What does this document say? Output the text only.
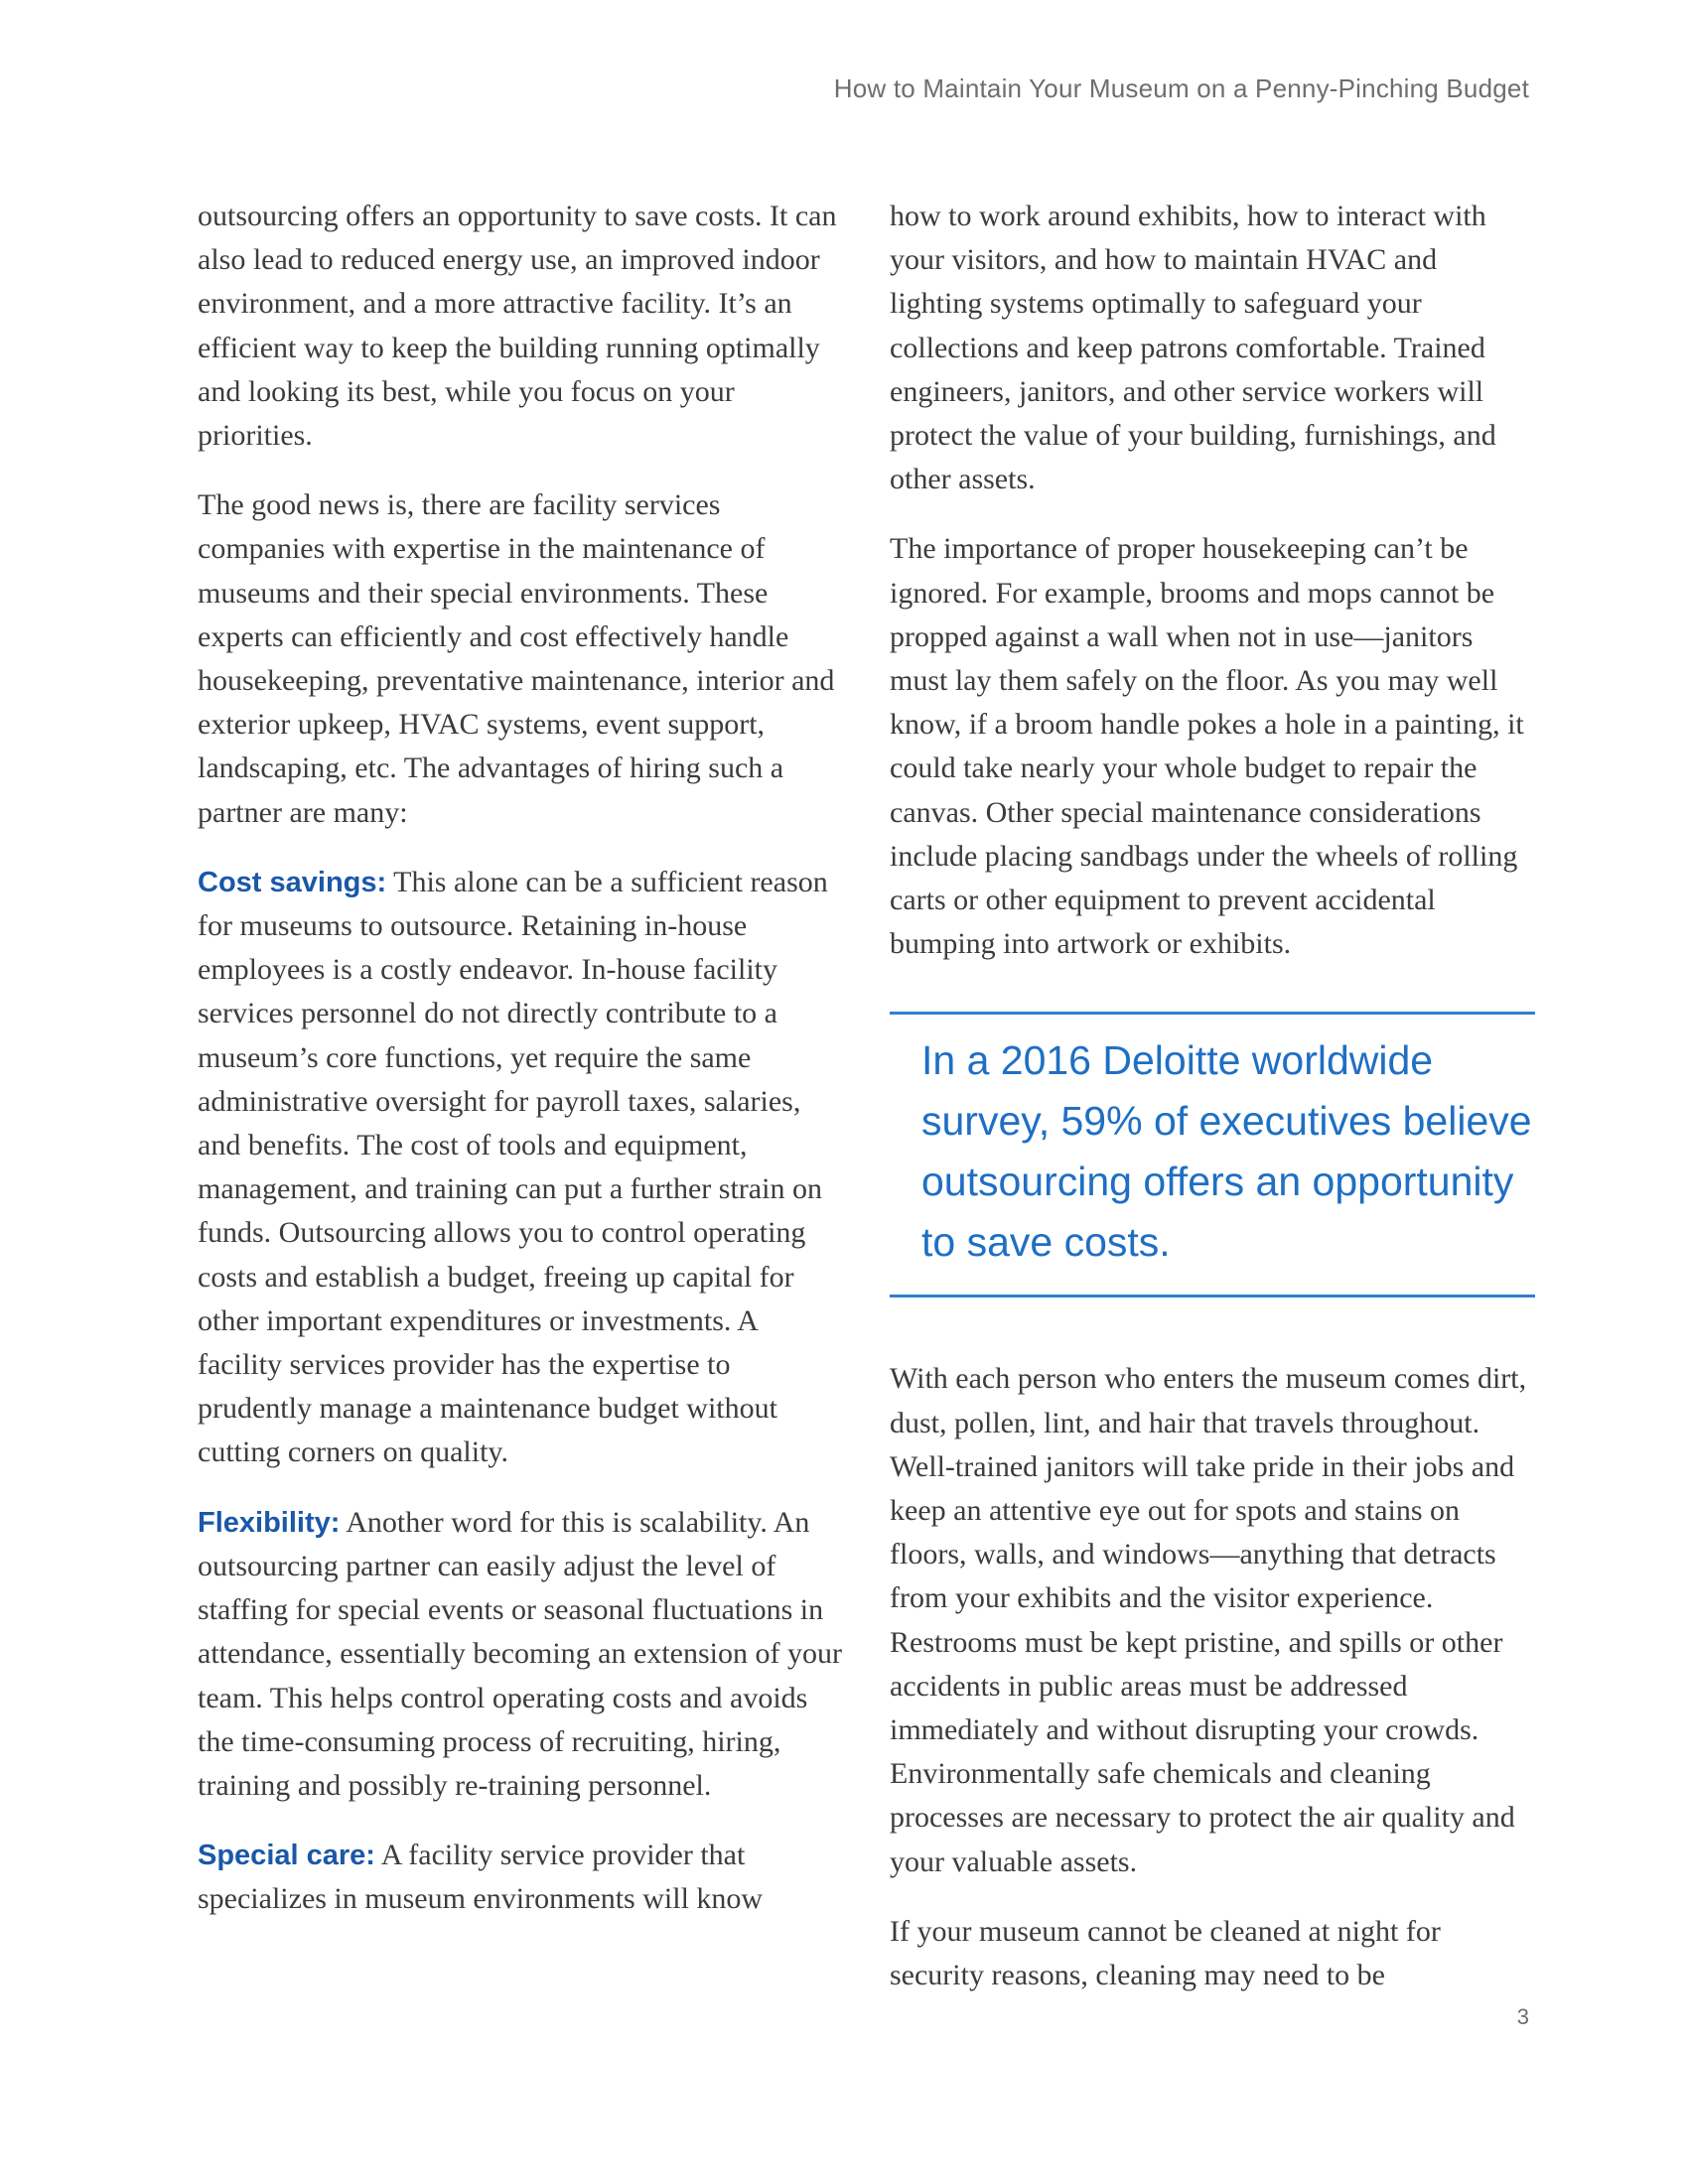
How to Maintain Your Museum on a Penny-Pinching Budget

outsourcing offers an opportunity to save costs. It can also lead to reduced energy use, an improved indoor environment, and a more attractive facility. It’s an efficient way to keep the building running optimally and looking its best, while you focus on your priorities.

The good news is, there are facility services companies with expertise in the maintenance of museums and their special environments. These experts can efficiently and cost effectively handle housekeeping, preventative maintenance, interior and exterior upkeep, HVAC systems, event support, landscaping, etc. The advantages of hiring such a partner are many:

Cost savings: This alone can be a sufficient reason for museums to outsource. Retaining in-house employees is a costly endeavor. In-house facility services personnel do not directly contribute to a museum’s core functions, yet require the same administrative oversight for payroll taxes, salaries, and benefits. The cost of tools and equipment, management, and training can put a further strain on funds. Outsourcing allows you to control operating costs and establish a budget, freeing up capital for other important expenditures or investments. A facility services provider has the expertise to prudently manage a maintenance budget without cutting corners on quality.

Flexibility: Another word for this is scalability. An outsourcing partner can easily adjust the level of staffing for special events or seasonal fluctuations in attendance, essentially becoming an extension of your team. This helps control operating costs and avoids the time-consuming process of recruiting, hiring, training and possibly re-training personnel.

Special care: A facility service provider that specializes in museum environments will know

how to work around exhibits, how to interact with your visitors, and how to maintain HVAC and lighting systems optimally to safeguard your collections and keep patrons comfortable. Trained engineers, janitors, and other service workers will protect the value of your building, furnishings, and other assets.

The importance of proper housekeeping can’t be ignored. For example, brooms and mops cannot be propped against a wall when not in use—janitors must lay them safely on the floor. As you may well know, if a broom handle pokes a hole in a painting, it could take nearly your whole budget to repair the canvas. Other special maintenance considerations include placing sandbags under the wheels of rolling carts or other equipment to prevent accidental bumping into artwork or exhibits.

In a 2016 Deloitte worldwide survey, 59% of executives believe outsourcing offers an opportunity to save costs.

With each person who enters the museum comes dirt, dust, pollen, lint, and hair that travels throughout. Well-trained janitors will take pride in their jobs and keep an attentive eye out for spots and stains on floors, walls, and windows—anything that detracts from your exhibits and the visitor experience. Restrooms must be kept pristine, and spills or other accidents in public areas must be addressed immediately and without disrupting your crowds. Environmentally safe chemicals and cleaning processes are necessary to protect the air quality and your valuable assets.

If your museum cannot be cleaned at night for security reasons, cleaning may need to be

3
